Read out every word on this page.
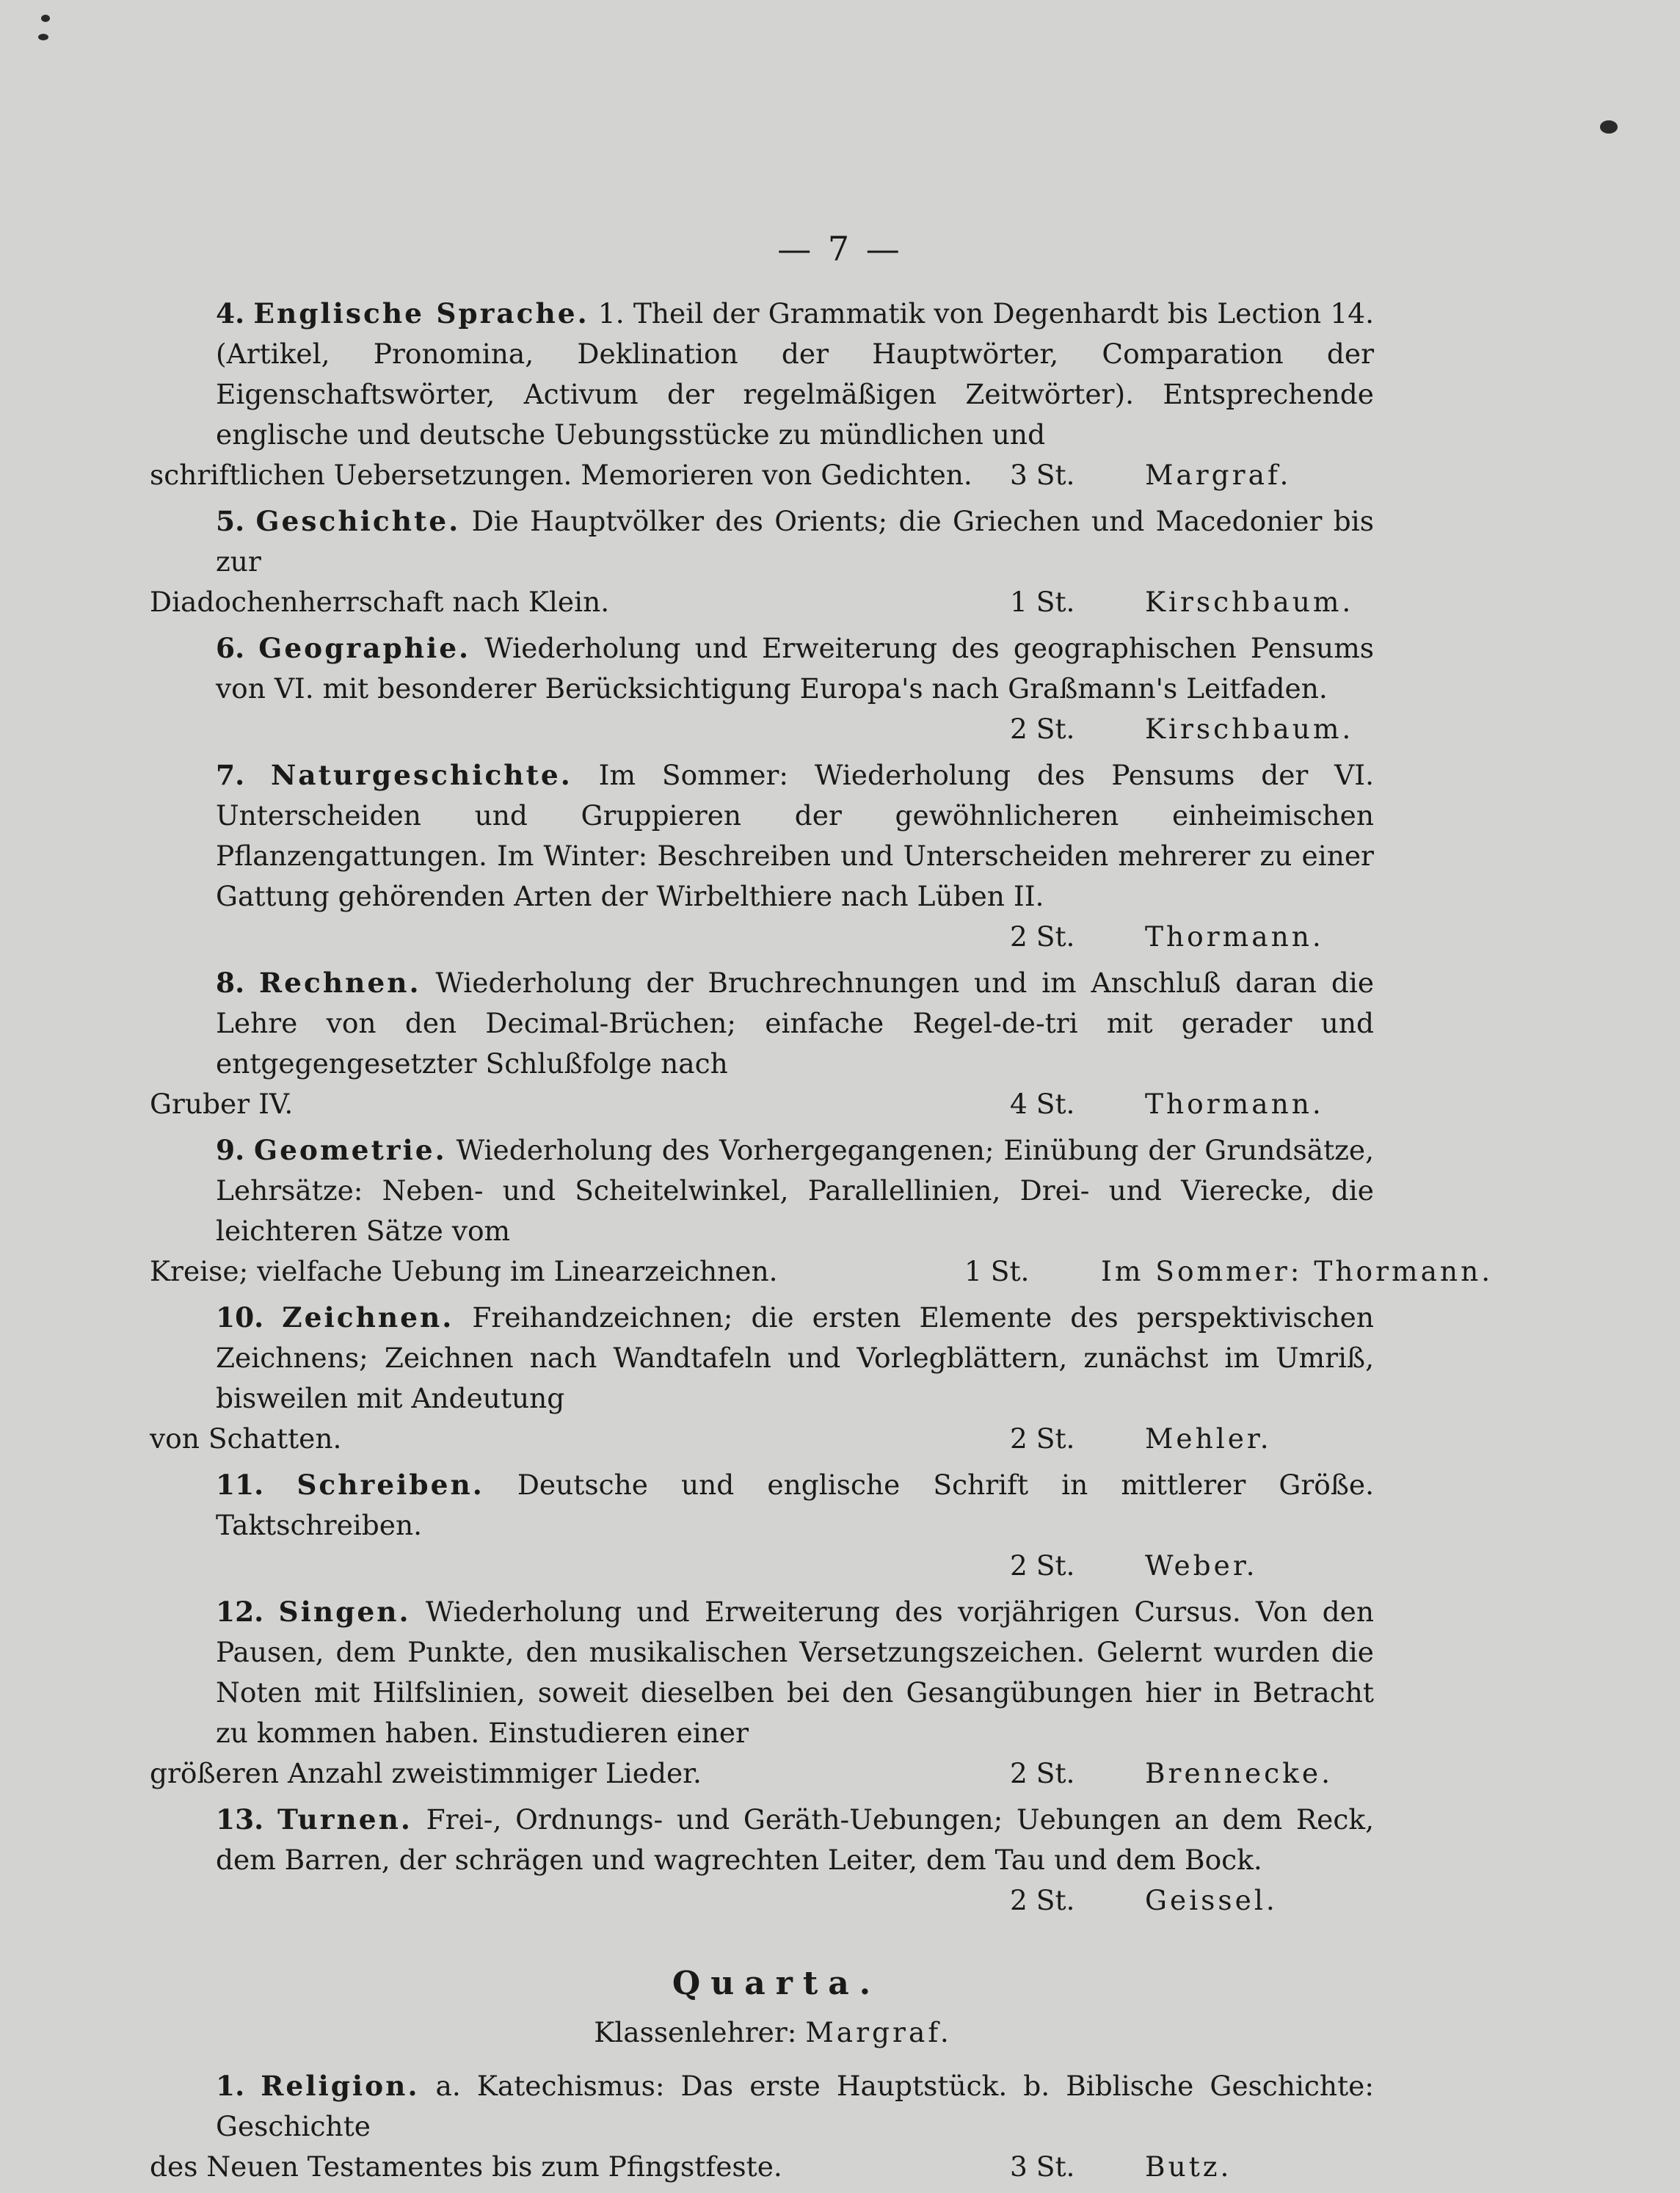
— 7 —
4. Englische Sprache. 1. Theil der Grammatik von Degenhardt bis Lection 14. (Artikel, Pronomina, Deklination der Hauptwörter, Comparation der Eigenschaftswörter, Activum der regelmäßigen Zeitwörter). Entsprechende englische und deutsche Uebungsstücke zu mündlichen und
schriftlichen Uebersetzungen. Memorieren von Gedichten. 3 St.	Margraf.
5. Geschichte. Die Hauptvölker des Orients; die Griechen und Macedonier bis zur
Diadochenherrschaft nach Klein.	1 St.	Kirschbaum.
6. Geographie. Wiederholung und Erweiterung des geographischen Pensums von VI. mit besonderer Berücksichtigung Europa's nach Graßmann's Leitfaden.
2 St.	Kirschbaum.
7. Naturgeschichte. Im Sommer: Wiederholung des Pensums der VI. Unterscheiden und Gruppieren der gewöhnlicheren einheimischen Pflanzengattungen. Im Winter: Beschreiben und Unterscheiden mehrerer zu einer Gattung gehörenden Arten der Wirbelthiere nach Lüben II.
2 St.	Thormann.
8. Rechnen. Wiederholung der Bruchrechnungen und im Anschluß daran die Lehre von den Decimal-Brüchen; einfache Regel-de-tri mit gerader und entgegengesetzter Schlußfolge nach
Gruber IV.	4 St.	Thormann.
9. Geometrie. Wiederholung des Vorhergegangenen; Einübung der Grundsätze, Lehrsätze: Neben- und Scheitelwinkel, Parallellinien, Drei- und Vierecke, die leichteren Sätze vom
Kreise; vielfache Uebung im Linearzeichnen.	1 St.	Im Sommer: Thormann.
10. Zeichnen. Freihandzeichnen; die ersten Elemente des perspektivischen Zeichnens; Zeichnen nach Wandtafeln und Vorlegblättern, zunächst im Umriß, bisweilen mit Andeutung
von Schatten.	2 St.	Mehler.
11. Schreiben. Deutsche und englische Schrift in mittlerer Größe. Taktschreiben.
2 St.	Weber.
12. Singen. Wiederholung und Erweiterung des vorjährigen Cursus. Von den Pausen, dem Punkte, den musikalischen Versetzungszeichen. Gelernt wurden die Noten mit Hilfslinien, soweit dieselben bei den Gesangübungen hier in Betracht zu kommen haben. Einstudieren einer
größeren Anzahl zweistimmiger Lieder.	2 St.	Brennecke.
13. Turnen. Frei-, Ordnungs- und Geräth-Uebungen; Uebungen an dem Reck, dem Barren, der schrägen und wagrechten Leiter, dem Tau und dem Bock.
2 St.	Geissel.
Quarta.
Klassenlehrer: Margraf.
1. Religion. a. Katechismus: Das erste Hauptstück. b. Biblische Geschichte: Geschichte
des Neuen Testamentes bis zum Pfingstfeste.	3 St.	Butz.
